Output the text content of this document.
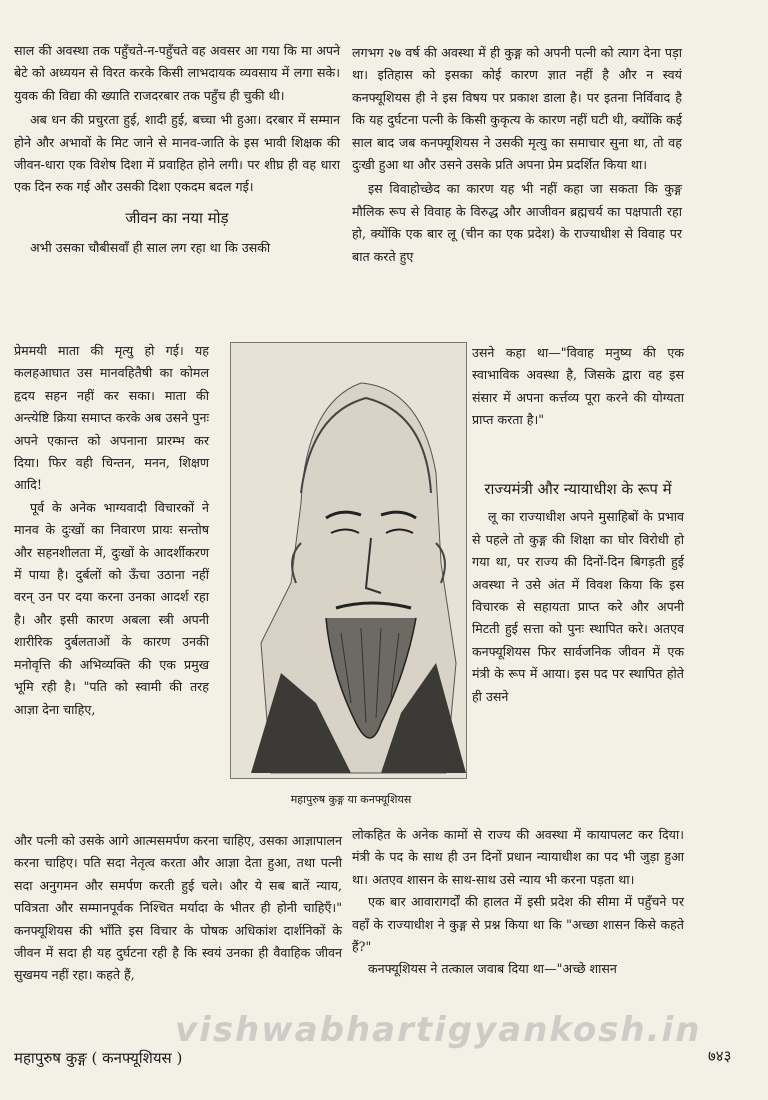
साल की अवस्था तक पहुँचते-न-पहुँचते वह अवसर आ गया कि मा अपने बेटे को अध्ययन से विरत करके किसी लाभदायक व्यवसाय में लगा सके। युवक की विद्या की ख्याति राजदरबार तक पहुँच ही चुकी थी।

अब धन की प्रचुरता हुई, शादी हुई, बच्चा भी हुआ। दरबार में सम्मान होने और अभावों के मिट जाने से मानव-जाति के इस भावी शिक्षक की जीवन-धारा एक विशेष दिशा में प्रवाहित होने लगी। पर शीघ्र ही वह धारा एक दिन रुक गई और उसकी दिशा एकदम बदल गई।

जीवन का नया मोड़

अभी उसका चौबीसवाँ ही साल लग रहा था कि उसकी

प्रेममयी माता की मृत्यु हो गई। यह कलहआघात उस मानवहितैषी का कोमल हृदय सहन नहीं कर सका। माता की अन्त्येष्टि क्रिया समाप्त करके अब उसने पुनः अपने एकान्त को अपनाना प्रारम्भ कर दिया। फिर वही चिन्तन, मनन, शिक्षण आदि!

पूर्व के अनेक भाग्यवादी विचारकों ने मानव के दुःखों का निवारण प्रायः सन्तोष और सहनशीलता में, दुःखों के आदर्शीकरण में पाया है। दुर्बलों को ऊँचा उठाना नहीं वरन् उन पर दया करना उनका आदर्श रहा है। और इसी कारण अबला स्त्री अपनी शारीरिक दुर्बलताओं के कारण उनकी मनोवृत्ति की अभिव्यक्ति की एक प्रमुख भूमि रही है। "पति को स्वामी की तरह आज्ञा देना चाहिए,

और पत्नी को उसके आगे आत्मसमर्पण करना चाहिए, उसका आज्ञापालन करना चाहिए। पति सदा नेतृत्व करता और आज्ञा देता हुआ, तथा पत्नी सदा अनुगमन और समर्पण करती हुई चले। और ये सब बातें न्याय, पवित्रता और सम्मानपूर्वक निश्चित मर्यादा के भीतर ही होनी चाहिएँ।" कनफ्यूशियस की भाँति इस विचार के पोषक अधिकांश दार्शनिकों के जीवन में सदा ही यह दुर्घटना रही है कि स्वयं उनका ही वैवाहिक जीवन सुखमय नहीं रहा। कहते हैं,

लगभग २७ वर्ष की अवस्था में ही कुङ्ग को अपनी पत्नी को त्याग देना पड़ा था। इतिहास को इसका कोई कारण ज्ञात नहीं है और न स्वयं कनफ्यूशियस ही ने इस विषय पर प्रकाश डाला है। पर इतना निर्विवाद है कि यह दुर्घटना पत्नी के किसी कुकृत्य के कारण नहीं घटी थी, क्योंकि कई साल बाद जब कनफ्यूशियस ने उसकी मृत्यु का समाचार सुना था, तो वह दुःखी हुआ था और उसने उसके प्रति अपना प्रेम प्रदर्शित किया था।

इस विवाहोच्छेद का कारण यह भी नहीं कहा जा सकता कि कुङ्ग मौलिक रूप से विवाह के विरुद्ध और आजीवन ब्रह्मचर्य का पक्षपाती रहा हो, क्योंकि एक बार लू (चीन का एक प्रदेश) के राज्याधीश से विवाह पर बात करते हुए

उसने कहा था—"विवाह मनुष्य की एक स्वाभाविक अवस्था है, जिसके द्वारा वह इस संसार में अपना कर्त्तव्य पूरा करने की योग्यता प्राप्त करता है।"

राज्यमंत्री और न्यायाधीश के रूप में

लू का राज्याधीश अपने मुसाहिबों के प्रभाव से पहले तो कुङ्ग की शिक्षा का घोर विरोधी हो गया था, पर राज्य की दिनों-दिन बिगड़ती हुई अवस्था ने उसे अंत में विवश किया कि इस विचारक से सहायता प्राप्त करे और अपनी मिटती हुई सत्ता को पुनः स्थापित करे। अतएव कनफ्यूशियस फिर सार्वजनिक जीवन में एक मंत्री के रूप में आया। इस पद पर स्थापित होते ही उसने

लोकहित के अनेक कामों से राज्य की अवस्था में कायापलट कर दिया। मंत्री के पद के साथ ही उन दिनों प्रधान न्यायाधीश का पद भी जुड़ा हुआ था। अतएव शासन के साथ-साथ उसे न्याय भी करना पड़ता था।

एक बार आवारागर्दों की हालत में इसी प्रदेश की सीमा में पहुँचने पर वहाँ के राज्याधीश ने कुङ्ग से प्रश्न किया था कि "अच्छा शासन किसे कहते हैं?"

कनफ्यूशियस ने तत्काल जवाब दिया था—"अच्छे शासन

महापुरुष कुङ्ग या कनफ्यूशियस
vishwabhartigyankosh.in
महापुरुष कुङ्ग ( कनफ्यूशियस )	७४३
